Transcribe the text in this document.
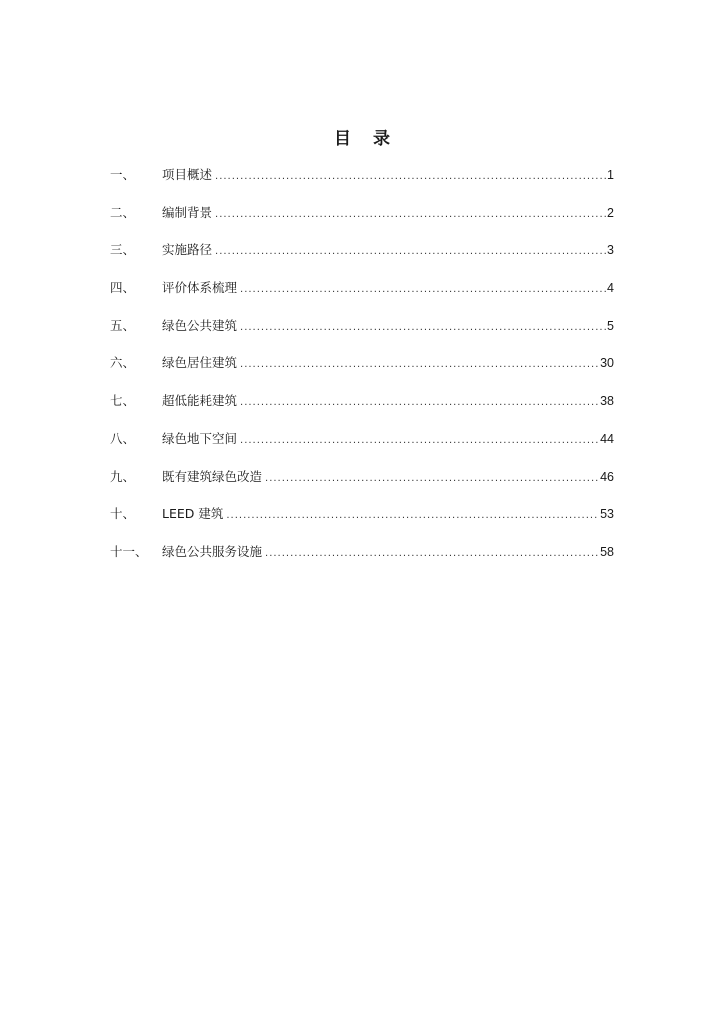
目 录
一、	项目概述 .....	1
二、	编制背景 .....	2
三、	实施路径 .....	3
四、	评价体系梳理 .....	4
五、	绿色公共建筑 .....	5
六、	绿色居住建筑 .....	30
七、	超低能耗建筑 .....	38
八、	绿色地下空间 .....	44
九、	既有建筑绿色改造 .....	46
十、	LEED 建筑 .....	53
十一、	绿色公共服务设施 .....	58
